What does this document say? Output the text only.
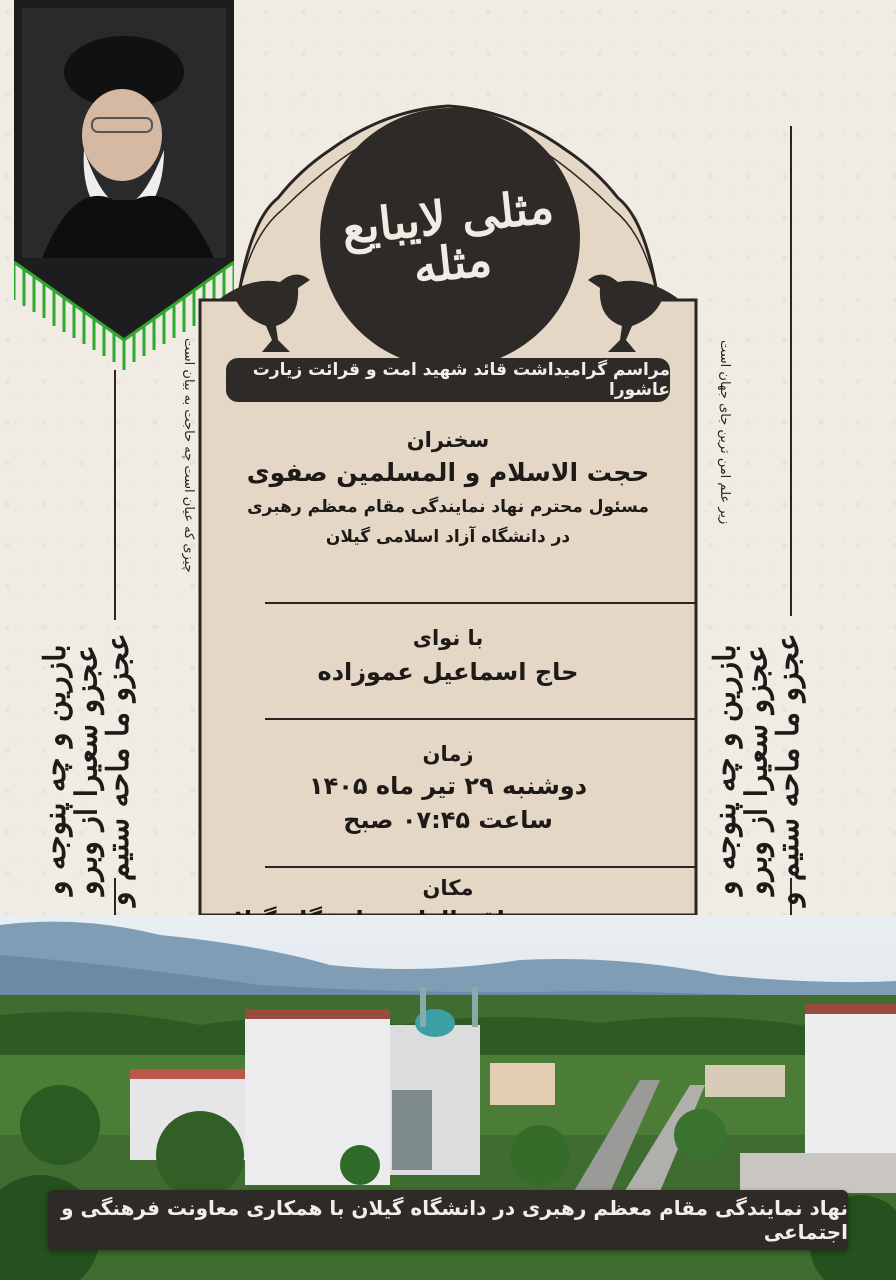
چیزی که عیان است چه حاجت به بیان است	زیر علم امن ترین جای جهان است
مثلی لایبایع مثله
مراسم گرامیداشت قائد شهید امت و قرائت زیارت عاشورا
سخنران
حجت الاسلام و المسلمین صفوی
مسئول محترم نهاد نمایندگی مقام معظم رهبری
در دانشگاه آزاد اسلامی گیلان
با نوای
حاج اسماعیل عموزاده
زمان
دوشنبه ۲۹ تیر ماه ۱۴۰۵
ساعت ۰۷:۴۵ صبح
مکان
بازرین و چه پنوجه و عجزو سعیرا از وبرو عجزو ما ماحه ستیم و	بازرین و چه پنوجه و عجزو سعیرا از وبرو عجزو ما ماحه ستیم و
نهاد نمایندگی مقام معظم رهبری در دانشگاه گیلان با همکاری معاونت فرهنگی و اجتماعی
